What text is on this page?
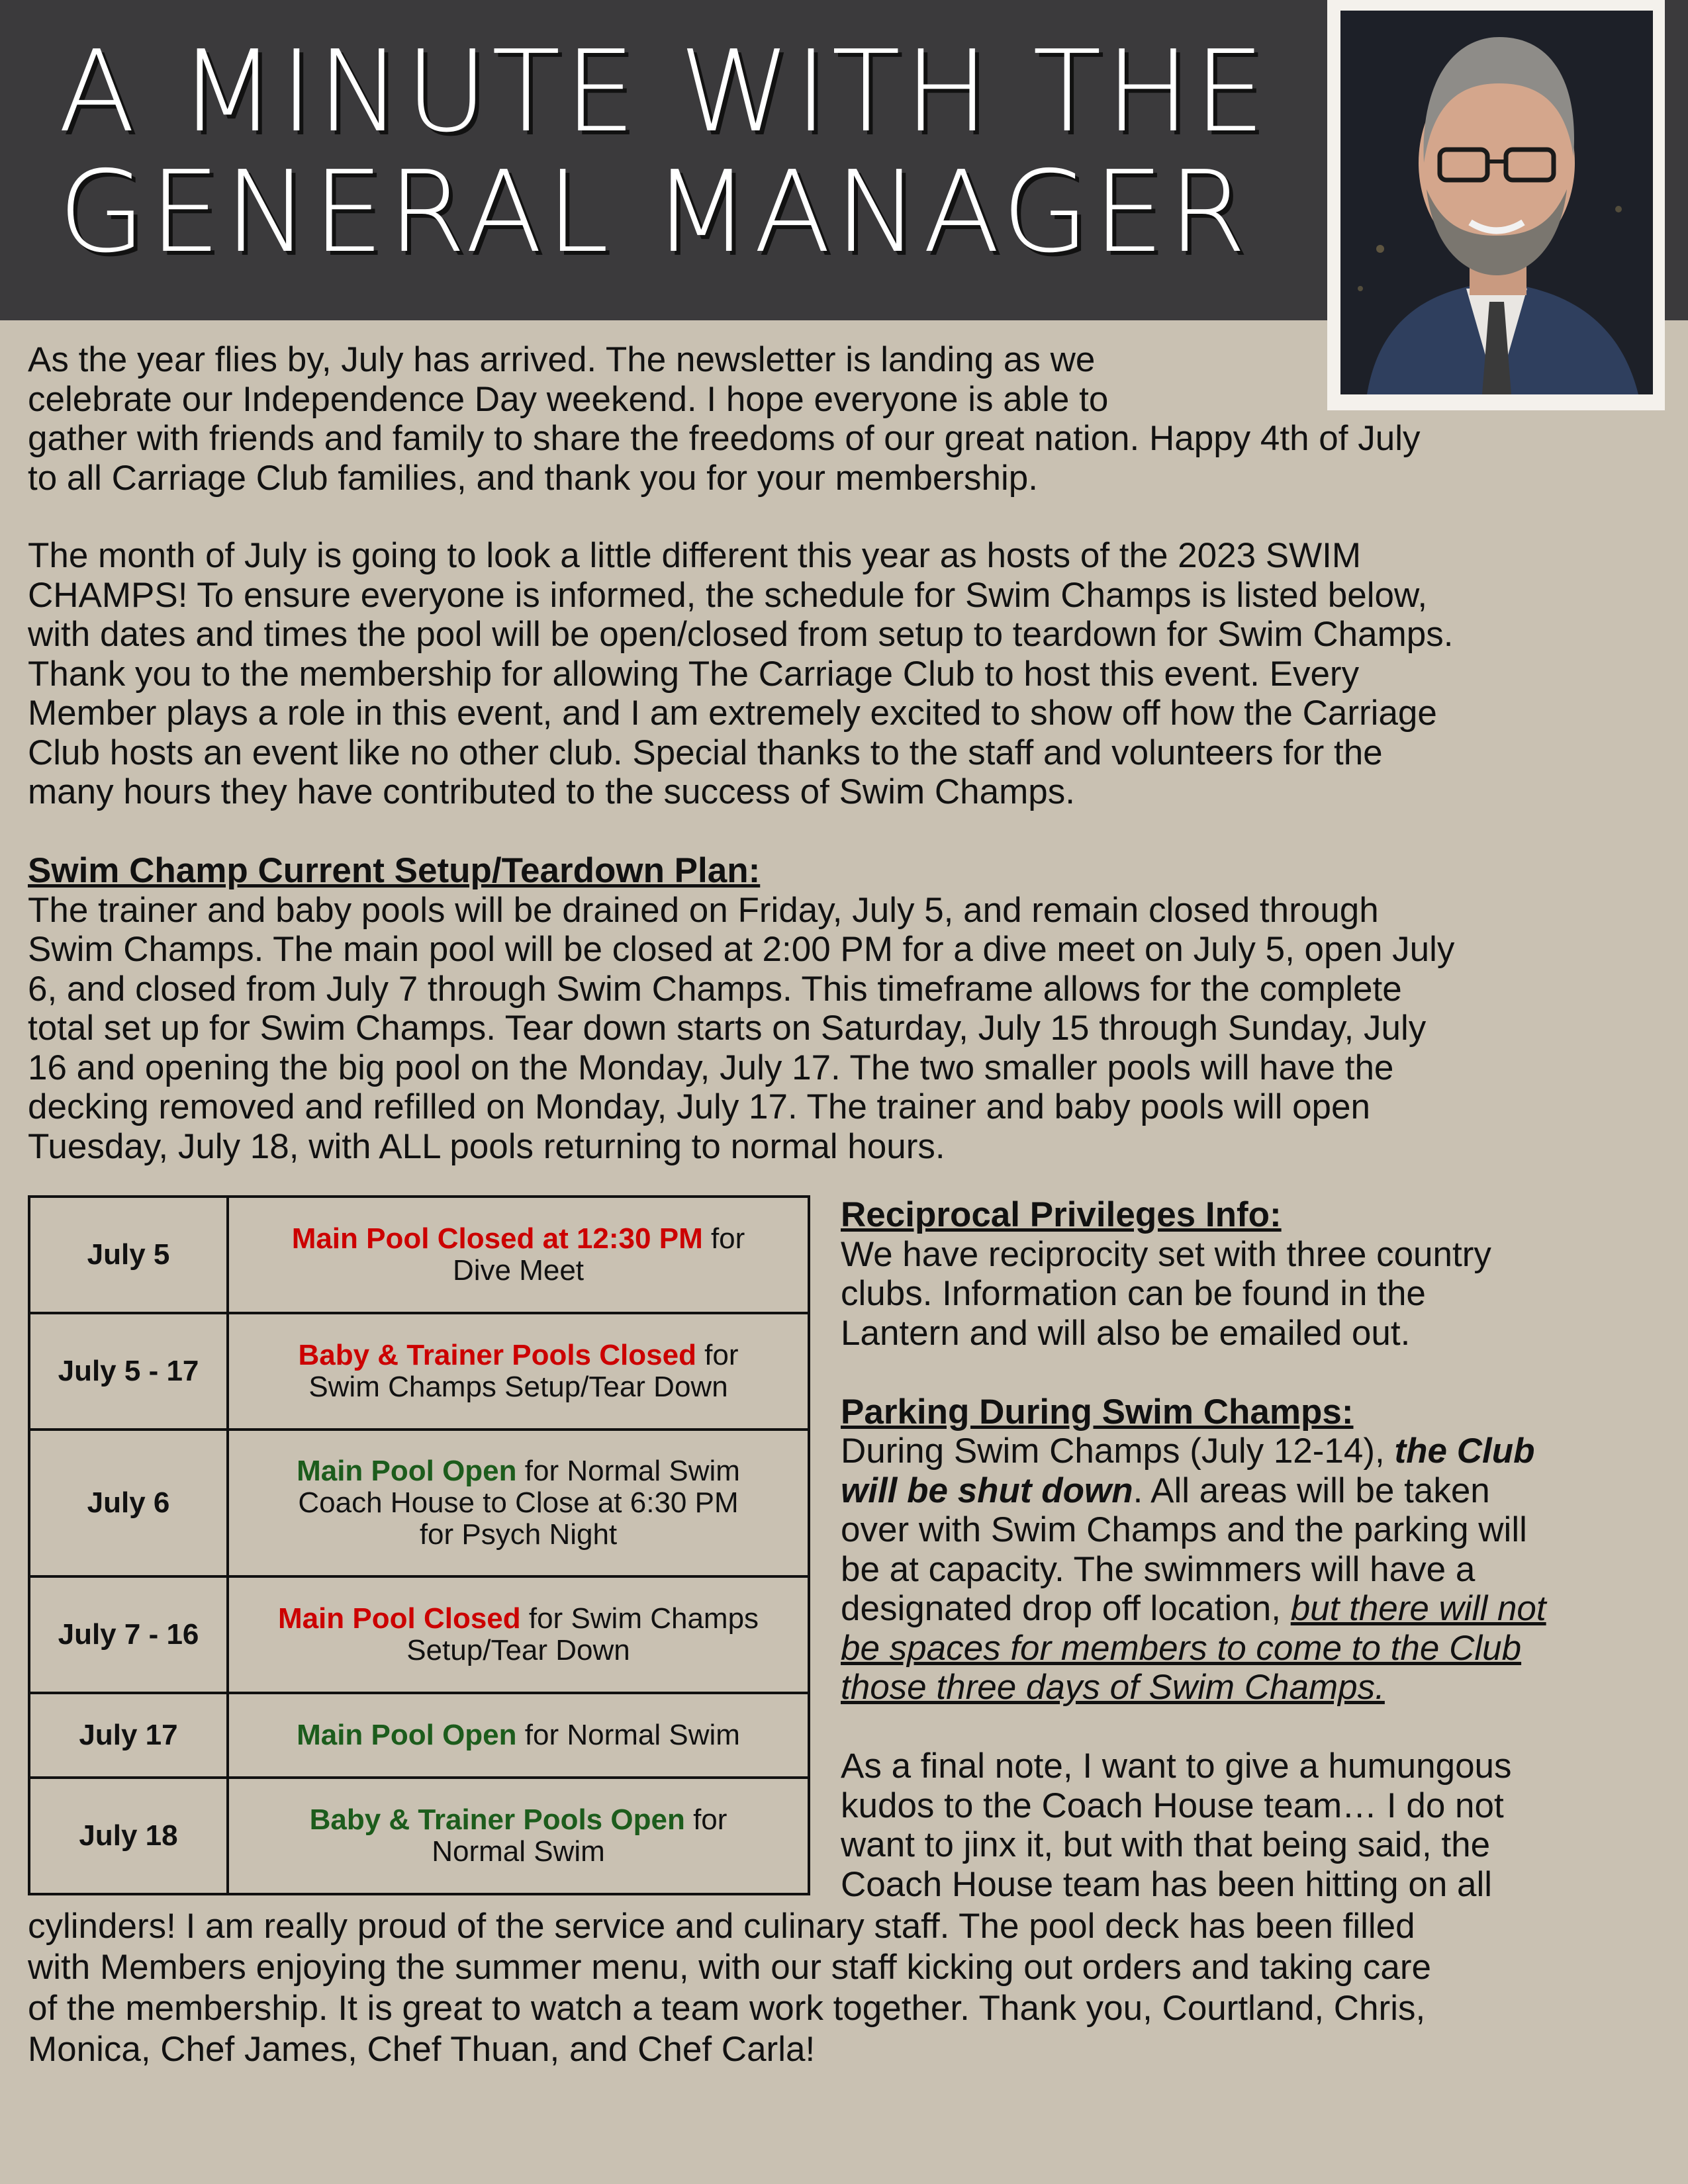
A MINUTE WITH THE
GENERAL MANAGER
As the year flies by, July has arrived. The newsletter is landing as we
celebrate our Independence Day weekend. I hope everyone is able to
gather with friends and family to share the freedoms of our great nation. Happy 4th of July
to all Carriage Club families, and thank you for your membership.
The month of July is going to look a little different this year as hosts of the 2023 SWIM
CHAMPS! To ensure everyone is informed, the schedule for Swim Champs is listed below,
with dates and times the pool will be open/closed from setup to teardown for Swim Champs.
Thank you to the membership for allowing The Carriage Club to host this event. Every
Member plays a role in this event, and I am extremely excited to show off how the Carriage
Club hosts an event like no other club. Special thanks to the staff and volunteers for the
many hours they have contributed to the success of Swim Champs.
Swim Champ Current Setup/Teardown Plan:
The trainer and baby pools will be drained on Friday, July 5, and remain closed through
Swim Champs. The main pool will be closed at 2:00 PM for a dive meet on July 5, open July
6, and closed from July 7 through Swim Champs. This timeframe allows for the complete
total set up for Swim Champs. Tear down starts on Saturday, July 15 through Sunday, July
16 and opening the big pool on the Monday, July 17. The two smaller pools will have the
decking removed and refilled on Monday, July 17. The trainer and baby pools will open
Tuesday, July 18, with ALL pools returning to normal hours.
July 5	Main Pool Closed at 12:30 PM for
Dive Meet
July 5 - 17	Baby & Trainer Pools Closed for
Swim Champs Setup/Tear Down
July 6	Main Pool Open for Normal Swim
Coach House to Close at 6:30 PM
for Psych Night
July 7 - 16	Main Pool Closed for Swim Champs
Setup/Tear Down
July 17	Main Pool Open for Normal Swim
July 18	Baby & Trainer Pools Open for
Normal Swim
Reciprocal Privileges Info:
We have reciprocity set with three country
clubs. Information can be found in the
Lantern and will also be emailed out.

Parking During Swim Champs:
During Swim Champs (July 12-14), the Club
will be shut down. All areas will be taken
over with Swim Champs and the parking will
be at capacity. The swimmers will have a
designated drop off location, but there will not
be spaces for members to come to the Club
those three days of Swim Champs.

As a final note, I want to give a humungous
kudos to the Coach House team… I do not
want to jinx it, but with that being said, the
Coach House team has been hitting on all
cylinders! I am really proud of the service and culinary staff. The pool deck has been filled
with Members enjoying the summer menu, with our staff kicking out orders and taking care
of the membership. It is great to watch a team work together. Thank you, Courtland, Chris,
Monica, Chef James, Chef Thuan, and Chef Carla!
